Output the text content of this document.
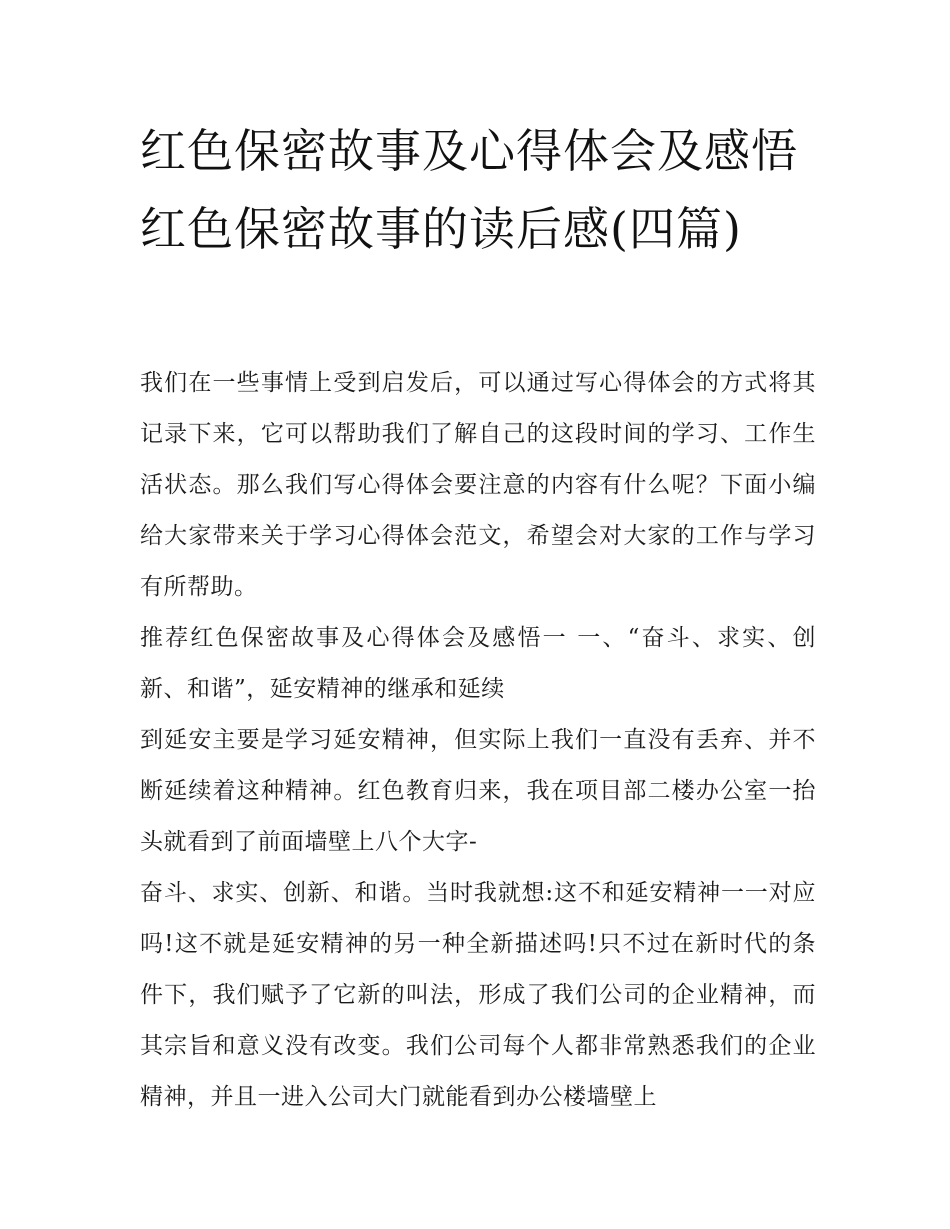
红色保密故事及心得体会及感悟 红色保密故事的读后感(四篇)

我们在一些事情上受到启发后，可以通过写心得体会的方式将其记录下来，它可以帮助我们了解自己的这段时间的学习、工作生活状态。那么我们写心得体会要注意的内容有什么呢？下面小编给大家带来关于学习心得体会范文，希望会对大家的工作与学习有所帮助。

推荐红色保密故事及心得体会及感悟一 一、“奋斗、求实、创新、和谐”，延安精神的继承和延续

到延安主要是学习延安精神，但实际上我们一直没有丢弃、并不断延续着这种精神。红色教育归来，我在项目部二楼办公室一抬头就看到了前面墙壁上八个大字-

奋斗、求实、创新、和谐。当时我就想:这不和延安精神一一对应吗!这不就是延安精神的另一种全新描述吗!只不过在新时代的条件下，我们赋予了它新的叫法，形成了我们公司的企业精神，而其宗旨和意义没有改变。我们公司每个人都非常熟悉我们的企业精神，并且一进入公司大门就能看到办公楼墙壁上
